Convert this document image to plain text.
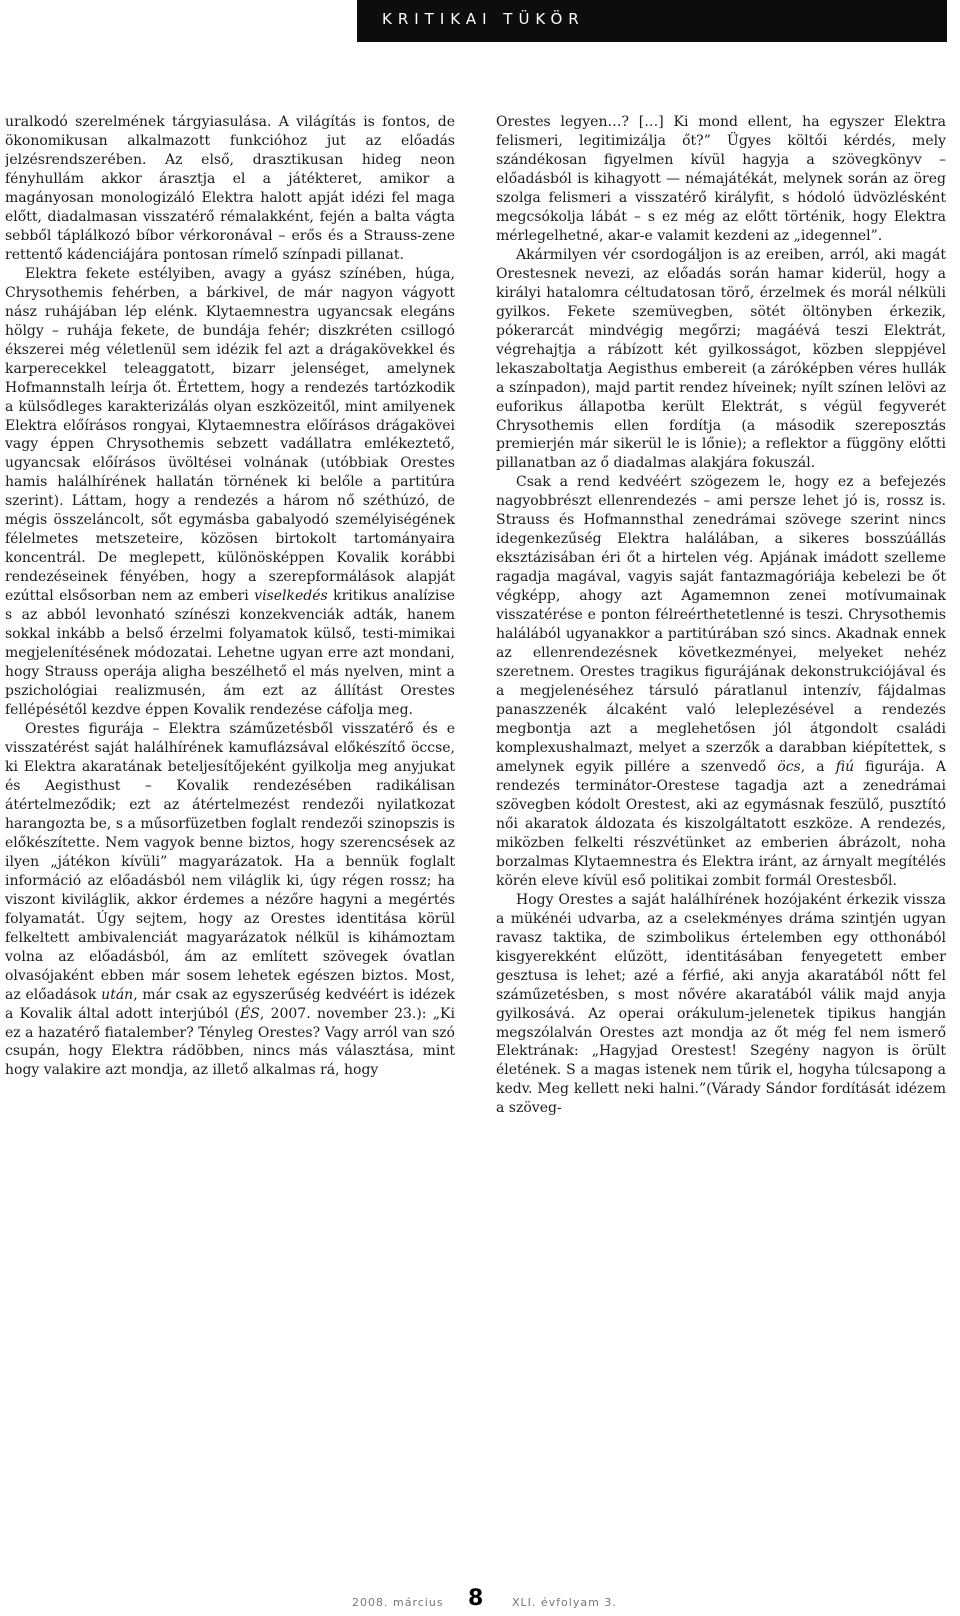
KRITIKAI TÜKÖR

uralkodó szerelmének tárgyiasulása. A világítás is fontos, de ökonomikusan alkalmazott funkcióhoz jut az előadás jelzésrendszerében. Az első, drasztikusan hideg neon fényhullám akkor árasztja el a játékteret, amikor a magányosan monologizáló Elektra halott apját idézi fel maga előtt, diadalmasan visszatérő rémalakként, fején a balta vágta sebből táplálkozó bíbor vérkoronával – erős és a Strauss-zene rettentő kádenciájára pontosan rímelő színpadi pillanat.

Elektra fekete estélyiben, avagy a gyász színében, húga, Chrysothemis fehérben, a bárkivel, de már nagyon vágyott nász ruhájában lép elénk. Klytaemnestra ugyancsak elegáns hölgy – ruhája fekete, de bundája fehér; diszkréten csillogó ékszerei még véletlenül sem idézik fel azt a drágakövekkel és karperecekkel teleaggatott, bizarr jelenséget, amelynek Hofmannstalh leírja őt. Értettem, hogy a rendezés tartózkodik a külsődleges karakterizálás olyan eszközeitől, mint amilyenek Elektra előírásos rongyai, Klytaemnestra előírásos drágakövei vagy éppen Chrysothemis sebzett vadállatra emlékeztető, ugyancsak előírásos üvöltései volnának (utóbbiak Orestes hamis halálhírének hallatán törnének ki belőle a partitúra szerint). Láttam, hogy a rendezés a három nő széthúzó, de mégis összeláncolt, sőt egymásba gabalyodó személyiségének félelmetes metszeteire, közösen birtokolt tartományaira koncentrál. De meglepett, különösképpen Kovalik korábbi rendezéseinek fényében, hogy a szerepformálások alapját ezúttal elsősorban nem az emberi viselkedés kritikus analízise s az abból levonható színészi konzekvenciák adták, hanem sokkal inkább a belső érzelmi folyamatok külső, testi-mimikai megjelenítésének módozatai. Lehetne ugyan erre azt mondani, hogy Strauss operája aligha beszélhető el más nyelven, mint a pszichológiai realizmusén, ám ezt az állítást Orestes fellépésétől kezdve éppen Kovalik rendezése cáfolja meg.

Orestes figurája – Elektra száműzetésből visszatérő és e visszatérést saját halálhírének kamuflázsával előkészítő öccse, ki Elektra akaratának beteljesítőjeként gyilkolja meg anyjukat és Aegisthust – Kovalik rendezésében radikálisan átértelmeződik; ezt az átértelmezést rendezői nyilatkozat harangozta be, s a műsorfüzetben foglalt rendezői szinopszis is előkészítette. Nem vagyok benne biztos, hogy szerencsések az ilyen „játékon kívüli” magyarázatok. Ha a bennük foglalt információ az előadásból nem világlik ki, úgy régen rossz; ha viszont kiviláglik, akkor érdemes a nézőre hagyni a megértés folyamatát. Úgy sejtem, hogy az Orestes identitása körül felkeltett ambivalenciát magyarázatok nélkül is kihámoztam volna az előadásból, ám az említett szövegek óvatlan olvasójaként ebben már sosem lehetek egészen biztos. Most, az előadások után, már csak az egyszerűség kedvéért is idézek a Kovalik által adott interjúból (ÉS, 2007. november 23.): „Ki ez a hazatérő fiatalember? Tényleg Orestes? Vagy arról van szó csupán, hogy Elektra rádöbben, nincs más választása, mint hogy valakire azt mondja, az illető alkalmas rá, hogy

Orestes legyen…? […] Ki mond ellent, ha egyszer Elektra felismeri, legitimizálja őt?” Ügyes költői kérdés, mely szándékosan figyelmen kívül hagyja a szövegkönyv – előadásból is kihagyott — némajátékát, melynek során az öreg szolga felismeri a visszatérő királyfit, s hódoló üdvözlésként megcsókolja lábát – s ez még az előtt történik, hogy Elektra mérlegelhetné, akar-e valamit kezdeni az „idegennel”.

Akármilyen vér csordogáljon is az ereiben, arról, aki magát Orestesnek nevezi, az előadás során hamar kiderül, hogy a királyi hatalomra céltudatosan törő, érzelmek és morál nélküli gyilkos. Fekete szemüvegben, sötét öltönyben érkezik, pókerarcát mindvégig megőrzi; magáévá teszi Elektrát, végrehajtja a rábízott két gyilkosságot, közben sleppjével lekaszaboltatja Aegisthus embereit (a záróképben véres hullák a színpadon), majd partit rendez híveinek; nyílt színen lelövi az euforikus állapotba került Elektrát, s végül fegyverét Chrysothemis ellen fordítja (a második szereposztás premierjén már sikerül le is lőnie); a reflektor a függöny előtti pillanatban az ő diadalmas alakjára fokuszál.

Csak a rend kedvéért szögezem le, hogy ez a befejezés nagyobbrészt ellenrendezés – ami persze lehet jó is, rossz is. Strauss és Hofmannsthal zenedrámai szövege szerint nincs idegenkezűség Elektra halálában, a sikeres bosszúállás eksztázisában éri őt a hirtelen vég. Apjának imádott szelleme ragadja magával, vagyis saját fantazmagóriája kebelezi be őt végképp, ahogy azt Agamemnon zenei motívumainak visszatérése e ponton félreérthetetlenné is teszi. Chrysothemis halálából ugyanakkor a partitúrában szó sincs. Akadnak ennek az ellenrendezésnek következményei, melyeket nehéz szeretnem. Orestes tragikus figurájának dekonstrukciójával és a megjelenéséhez társuló páratlanul intenzív, fájdalmas panaszzenék álcaként való leleplezésével a rendezés megbontja azt a meglehetősen jól átgondolt családi komplexushalmazt, melyet a szerzők a darabban kiépítettek, s amelynek egyik pillére a szenvedő öcs, a fiú figurája. A rendezés terminátor-Orestese tagadja azt a zenedrámai szövegben kódolt Orestest, aki az egymásnak feszülő, pusztító női akaratok áldozata és kiszolgáltatott eszköze. A rendezés, miközben felkelti részvétünket az emberien ábrázolt, noha borzalmas Klytaemnestra és Elektra iránt, az árnyalt megítélés körén eleve kívül eső politikai zombit formál Orestesből.

Hogy Orestes a saját halálhírének hozójaként érkezik vissza a mükénéi udvarba, az a cselekményes dráma szintjén ugyan ravasz taktika, de szimbolikus értelemben egy otthonából kisgyerekként elűzött, identitásában fenyegetett ember gesztusa is lehet; azé a férfié, aki anyja akaratából nőtt fel száműzetésben, s most nővére akaratából válik majd anyja gyilkosává. Az operai orákulum-jelenetek tipikus hangján megszólalván Orestes azt mondja az őt még fel nem ismerő Elektrának: „Hagyjad Orestest! Szegény nagyon is örült életének. S a magas istenek nem tűrik el, hogyha túlcsapong a kedv. Meg kellett neki halni.”(Várady Sándor fordítását idézem a szöveg-

2008. március 8	XLI. évfolyam 3.
